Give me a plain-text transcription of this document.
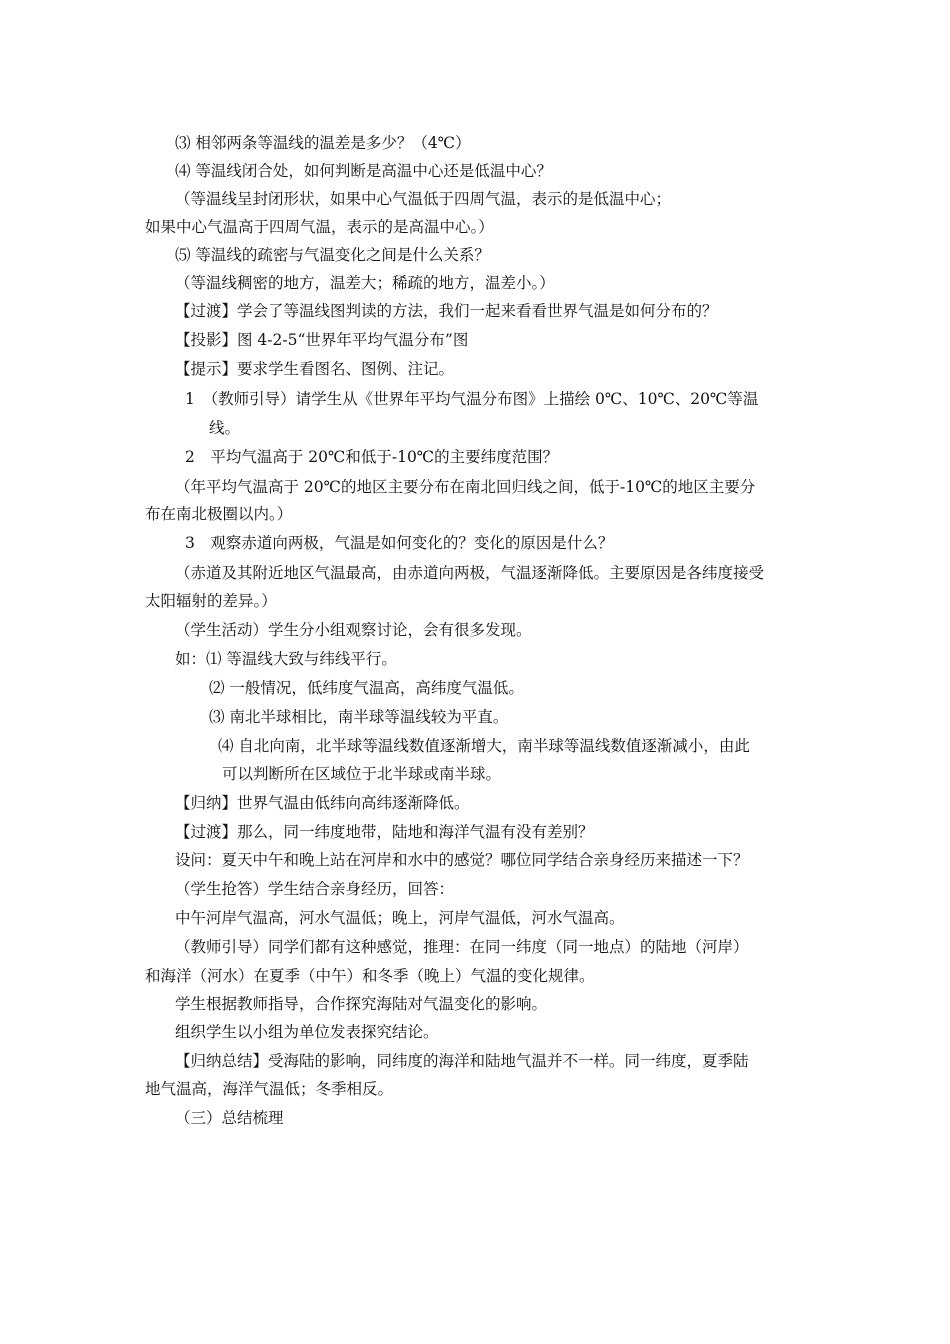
⑶ 相邻两条等温线的温差是多少？（4℃）
⑷ 等温线闭合处，如何判断是高温中心还是低温中心？
（等温线呈封闭形状，如果中心气温低于四周气温，表示的是低温中心；
如果中心气温高于四周气温，表示的是高温中心。）
⑸ 等温线的疏密与气温变化之间是什么关系？
（等温线稠密的地方，温差大；稀疏的地方，温差小。）
【过渡】学会了等温线图判读的方法，我们一起来看看世界气温是如何分布的？
【投影】图 4-2-5“世界年平均气温分布”图
【提示】要求学生看图名、图例、注记。
1　（教师引导）请学生从《世界年平均气温分布图》上描绘 0℃、10℃、20℃等温
线。
2　平均气温高于 20℃和低于-10℃的主要纬度范围？
（年平均气温高于 20℃的地区主要分布在南北回归线之间，低于-10℃的地区主要分
布在南北极圈以内。）
3　观察赤道向两极，气温是如何变化的？变化的原因是什么？
（赤道及其附近地区气温最高，由赤道向两极，气温逐渐降低。主要原因是各纬度接受
太阳辐射的差异。）
（学生活动）学生分小组观察讨论，会有很多发现。
如：⑴ 等温线大致与纬线平行。
⑵ 一般情况，低纬度气温高，高纬度气温低。
⑶ 南北半球相比，南半球等温线较为平直。
⑷ 自北向南，北半球等温线数值逐渐增大，南半球等温线数值逐渐减小，由此
可以判断所在区域位于北半球或南半球。
【归纳】世界气温由低纬向高纬逐渐降低。
【过渡】那么，同一纬度地带，陆地和海洋气温有没有差别？
设问：夏天中午和晚上站在河岸和水中的感觉？哪位同学结合亲身经历来描述一下？
（学生抢答）学生结合亲身经历，回答：
中午河岸气温高，河水气温低；晚上，河岸气温低，河水气温高。
（教师引导）同学们都有这种感觉，推理：在同一纬度（同一地点）的陆地（河岸）
和海洋（河水）在夏季（中午）和冬季（晚上）气温的变化规律。
学生根据教师指导，合作探究海陆对气温变化的影响。
组织学生以小组为单位发表探究结论。
【归纳总结】受海陆的影响，同纬度的海洋和陆地气温并不一样。同一纬度，夏季陆
地气温高，海洋气温低；冬季相反。
（三）总结梳理
